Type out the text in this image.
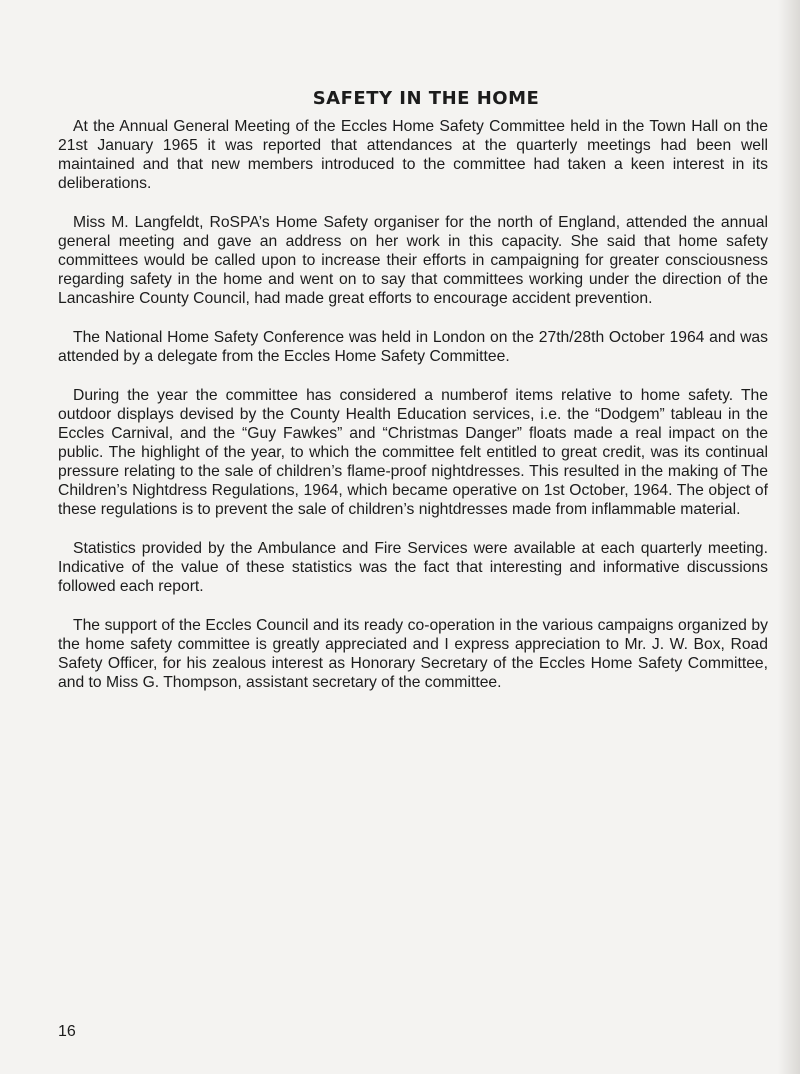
SAFETY IN THE HOME

At the Annual General Meeting of the Eccles Home Safety Committee held in the Town Hall on the 21st January 1965 it was reported that attendances at the quarterly meetings had been well maintained and that new members introduced to the committee had taken a keen interest in its deliberations.

Miss M. Langfeldt, RoSPA’s Home Safety organiser for the north of England, attended the annual general meeting and gave an address on her work in this capacity. She said that home safety committees would be called upon to increase their efforts in campaigning for greater consciousness regarding safety in the home and went on to say that committees working under the direction of the Lancashire County Council, had made great efforts to encourage accident prevention.

The National Home Safety Conference was held in London on the 27th/28th October 1964 and was attended by a delegate from the Eccles Home Safety Committee.

During the year the committee has considered a numberof items relative to home safety. The outdoor displays devised by the County Health Education services, i.e. the “Dodgem” tableau in the Eccles Carnival, and the “Guy Fawkes” and “Christmas Danger” floats made a real impact on the public. The highlight of the year, to which the committee felt entitled to great credit, was its continual pressure relating to the sale of children’s flame-proof nightdresses. This resulted in the making of The Children’s Nightdress Regulations, 1964, which became operative on 1st October, 1964. The object of these regulations is to prevent the sale of children’s nightdresses made from inflammable material.

Statistics provided by the Ambulance and Fire Services were available at each quarterly meeting. Indicative of the value of these statistics was the fact that interesting and informative discussions followed each report.

The support of the Eccles Council and its ready co-operation in the various campaigns organized by the home safety committee is greatly appreciated and I express appreciation to Mr. J. W. Box, Road Safety Officer, for his zealous interest as Honorary Secretary of the Eccles Home Safety Committee, and to Miss G. Thompson, assistant secretary of the committee.

16
